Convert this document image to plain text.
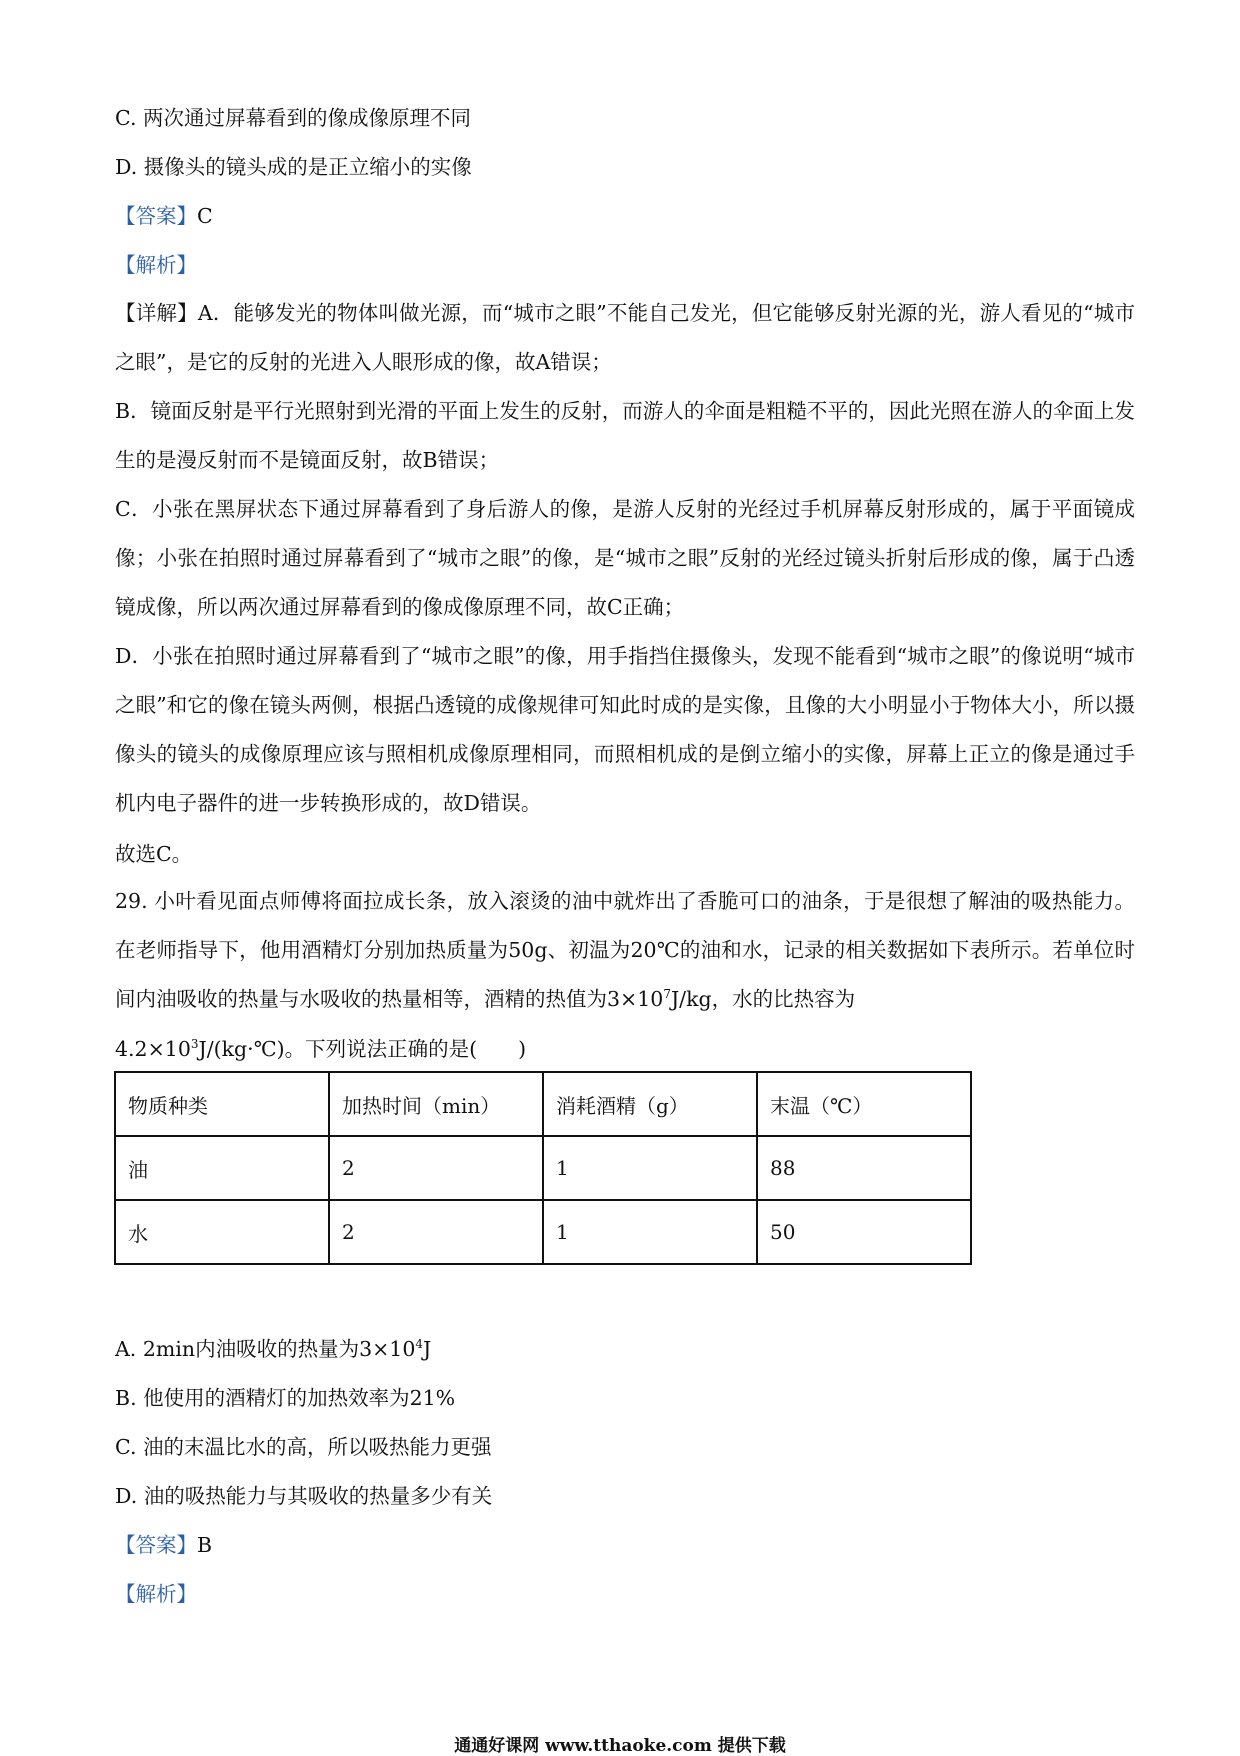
C. 两次通过屏幕看到的像成像原理不同
D. 摄像头的镜头成的是正立缩小的实像
【答案】C
【解析】
【详解】A．能够发光的物体叫做光源，而“城市之眼”不能自己发光，但它能够反射光源的光，游人看见的“城市之眼”，是它的反射的光进入人眼形成的像，故A错误；
B．镜面反射是平行光照射到光滑的平面上发生的反射，而游人的伞面是粗糙不平的，因此光照在游人的伞面上发生的是漫反射而不是镜面反射，故B错误；
C．小张在黑屏状态下通过屏幕看到了身后游人的像，是游人反射的光经过手机屏幕反射形成的，属于平面镜成像；小张在拍照时通过屏幕看到了“城市之眼”的像，是“城市之眼”反射的光经过镜头折射后形成的像，属于凸透镜成像，所以两次通过屏幕看到的像成像原理不同，故C正确；
D．小张在拍照时通过屏幕看到了“城市之眼”的像，用手指挡住摄像头，发现不能看到“城市之眼”的像说明“城市之眼”和它的像在镜头两侧，根据凸透镜的成像规律可知此时成的是实像，且像的大小明显小于物体大小，所以摄像头的镜头的成像原理应该与照相机成像原理相同，而照相机成的是倒立缩小的实像，屏幕上正立的像是通过手机内电子器件的进一步转换形成的，故D错误。
故选C。
29. 小叶看见面点师傅将面拉成长条，放入滚烫的油中就炸出了香脆可口的油条，于是很想了解油的吸热能力。在老师指导下，他用酒精灯分别加热质量为50g、初温为20℃的油和水，记录的相关数据如下表所示。若单位时间内油吸收的热量与水吸收的热量相等，酒精的热值为$3\times 10^7J/kg$，水的比热容为
$4.2\times 10^3J/(kg\cdot℃)$。下列说法正确的是(　　)
物质种类	加热时间（min）	消耗酒精（g）	末温（℃）
油	2	1	88
水	2	1	50
A. 2min内油吸收的热量为$3\times 10^4J$
B. 他使用的酒精灯的加热效率为21%
C. 油的末温比水的高，所以吸热能力更强
D. 油的吸热能力与其吸收的热量多少有关
【答案】B
【解析】
通通好课网 www.tthaoke.com 提供下载
